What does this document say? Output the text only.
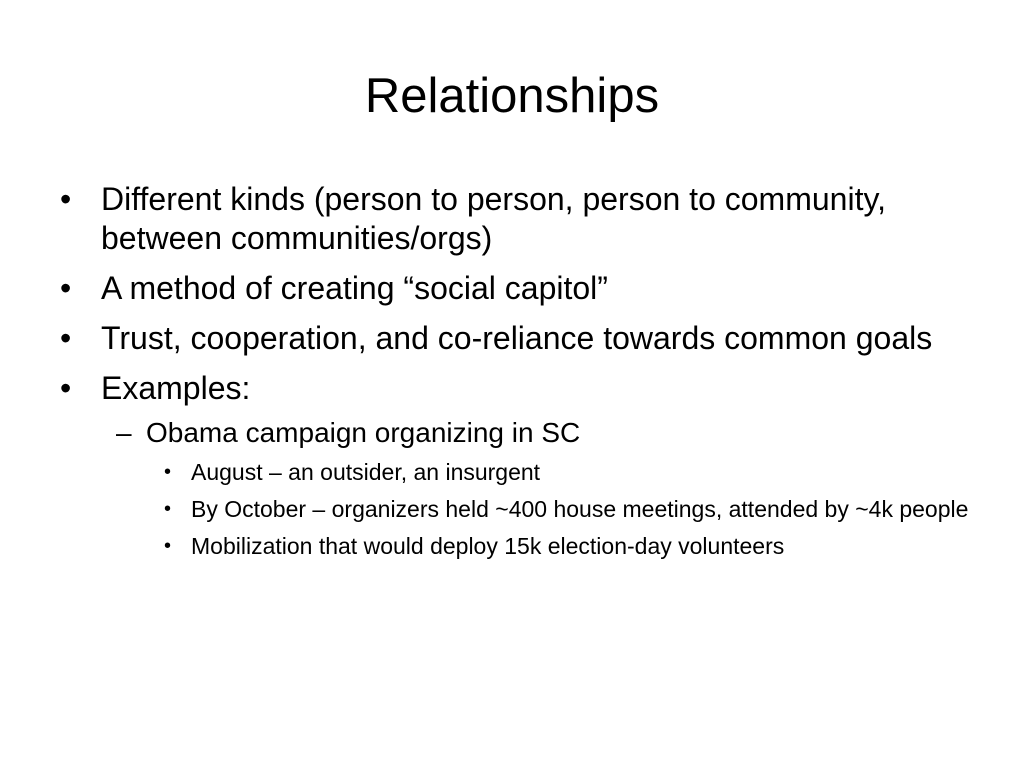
Relationships
• Different kinds (person to person, person to community, between communities/orgs)
• A method of creating “social capitol”
• Trust, cooperation, and co-reliance towards common goals
• Examples:
– Obama campaign organizing in SC
• August – an outsider, an insurgent
• By October – organizers held ~400 house meetings, attended by ~4k people
• Mobilization that would deploy 15k election-day volunteers
